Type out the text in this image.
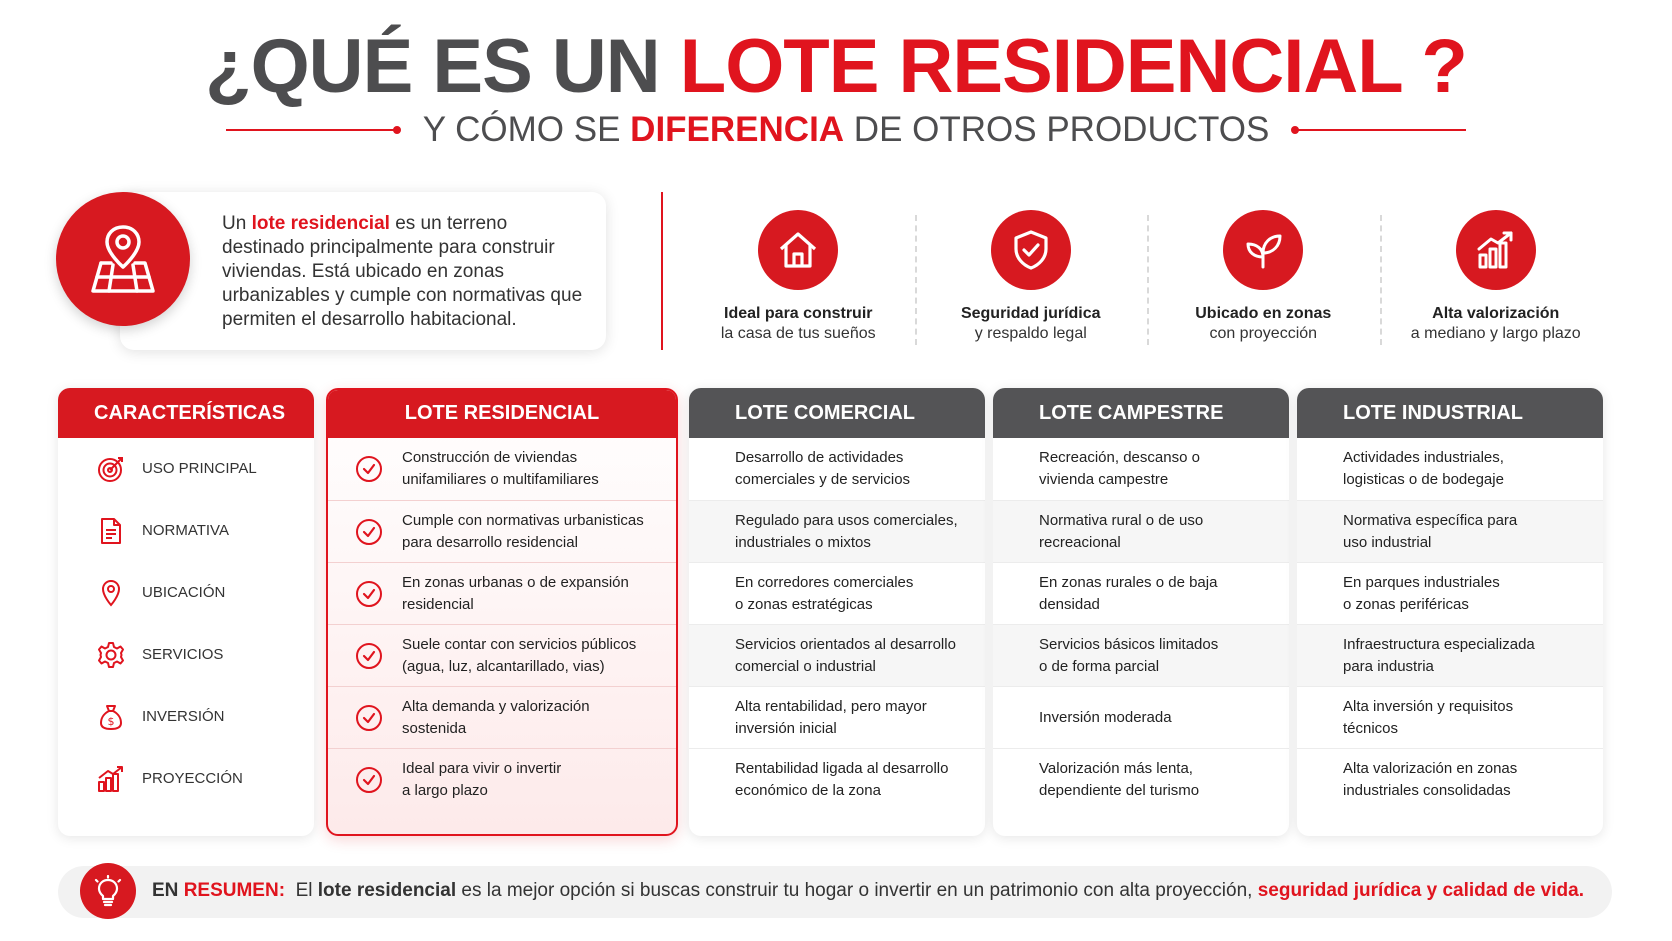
¿QUÉ ES UN LOTE RESIDENCIAL ?
Y CÓMO SE DIFERENCIA DE OTROS PRODUCTOS

Un lote residencial es un terreno destinado principalmente para construir viviendas. Está ubicado en zonas urbanizables y cumple con normativas que permiten el desarrollo habitacional.	Ideal para construir
la casa de tus sueños
Seguridad jurídica
y respaldo legal
Ubicado en zonas
con proyección
Alta valorización
a mediano y largo plazo
CARACTERÍSTICAS
USO PRINCIPAL
NORMATIVA
UBICACIÓN
SERVICIOS
$ INVERSIÓN
PROYECCIÓN
LOTE RESIDENCIAL
Construcción de viviendas
unifamiliares o multifamiliares
Cumple con normativas urbanisticas
para desarrollo residencial
En zonas urbanas o de expansión
residencial
Suele contar con servicios públicos
(agua, luz, alcantarillado, vias)
Alta demanda y valorización
sostenida
Ideal para vivir o invertir
a largo plazo
LOTE COMERCIAL
Desarrollo de actividades
comerciales y de servicios
Regulado para usos comerciales,
industriales o mixtos
En corredores comerciales
o zonas estratégicas
Servicios orientados al desarrollo
comercial o industrial
Alta rentabilidad, pero mayor
inversión inicial
Rentabilidad ligada al desarrollo
económico de la zona
LOTE CAMPESTRE
Recreación, descanso o
vivienda campestre
Normativa rural o de uso
recreacional
En zonas rurales o de baja
densidad
Servicios básicos limitados
o de forma parcial
Inversión moderada
Valorización más lenta,
dependiente del turismo
LOTE INDUSTRIAL
Actividades industriales,
logisticas o de bodegaje
Normativa específica para
uso industrial
En parques industriales
o zonas periféricas
Infraestructura especializada
para industria
Alta inversión y requisitos
técnicos
Alta valorización en zonas
industriales consolidadas
EN RESUMEN: El lote residencial es la mejor opción si buscas construir tu hogar o invertir en un patrimonio con alta proyección, seguridad jurídica y calidad de vida.
